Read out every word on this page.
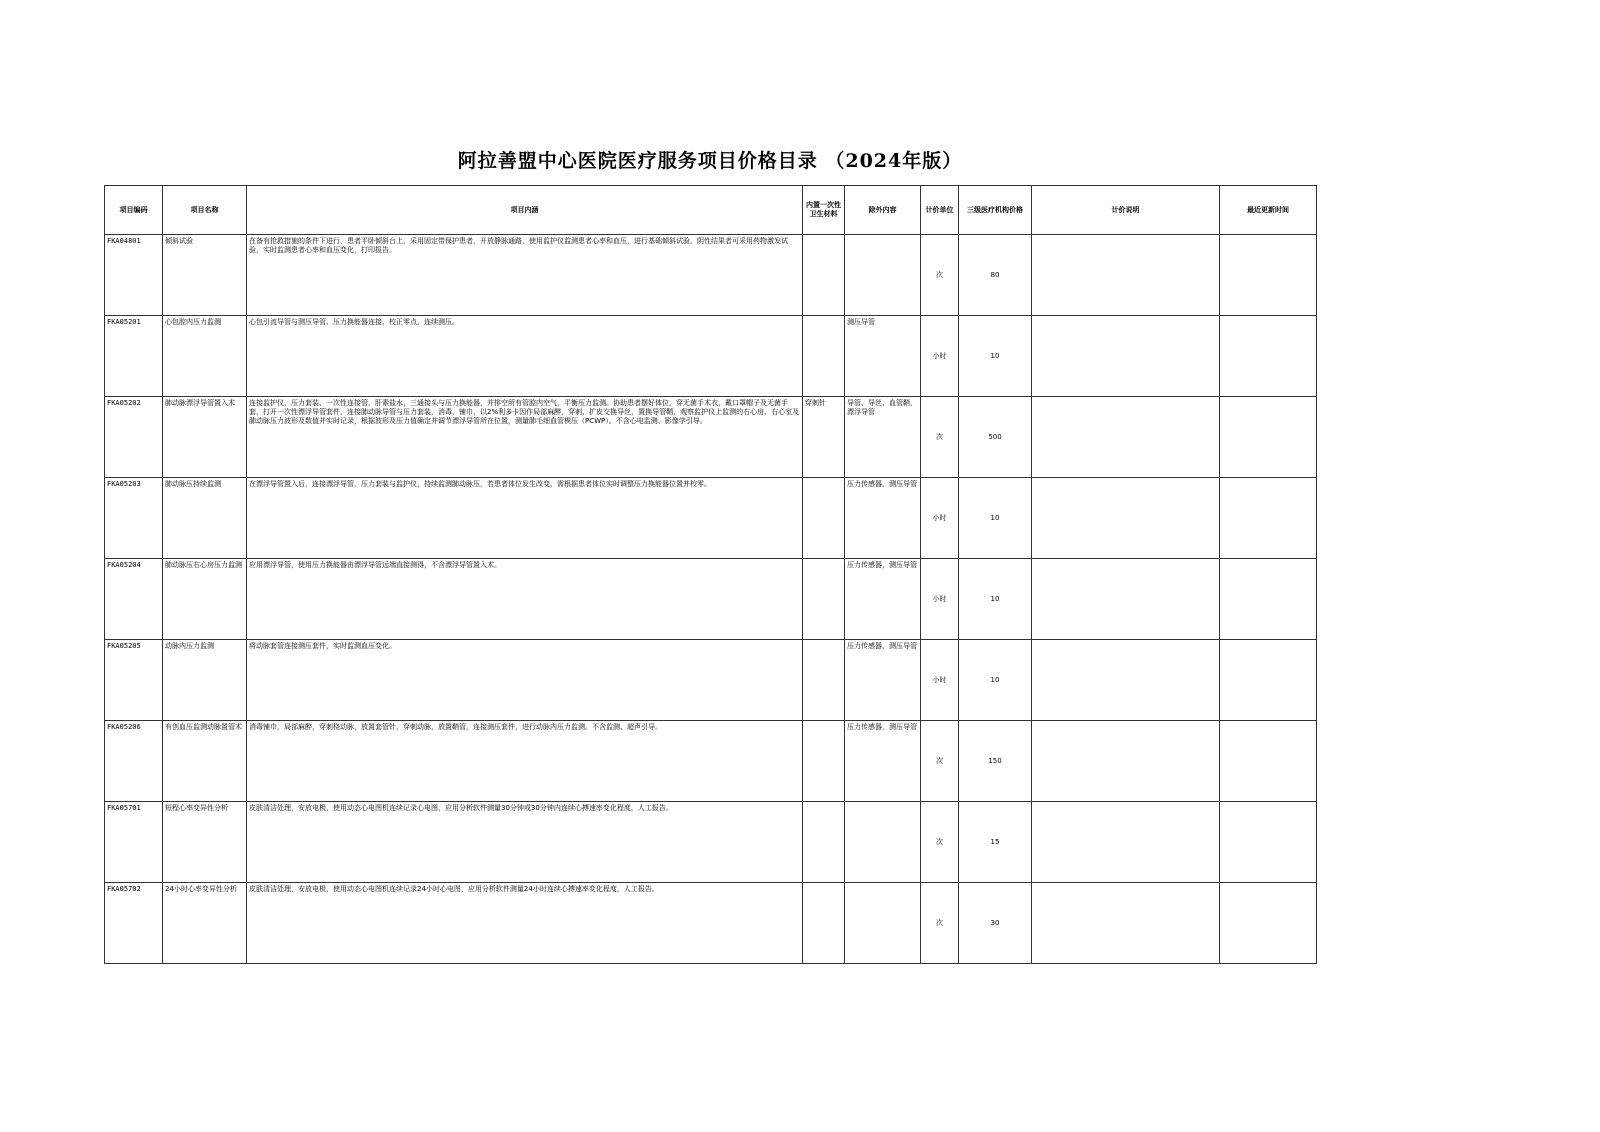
阿拉善盟中心医院医疗服务项目价格目录 （2024年版）
项目编码	项目名称	项目内涵	内置一次性卫生材料	除外内容	计价单位	三级医疗机构价格	计价说明	最近更新时间
FKA04801	倾斜试验	在备有抢救措施的条件下进行，患者平卧倾斜台上，采用固定带保护患者，开放静脉通路，使用监护仪监测患者心率和血压，进行基础倾斜试验，阴性结果者可采用药物激发试验，实时监测患者心率和血压变化，打印报告。			次	80		
FKA05201	心包腔内压力监测	心包引流导管与测压导管、压力换能器连接，校正零点，连续测压。		测压导管	小时	10		
FKA05202	肺动脉漂浮导管置入术	连接监护仪、压力套装、一次性连接管，肝素盐水，三通接头与压力换能器，并排空所有管腔内空气，平衡压力监测。协助患者摆好体位，穿无菌手术衣，戴口罩帽子及无菌手套，打开一次性漂浮导管套件，连接肺动脉导管与压力套装，消毒，铺巾，以2%利多卡因作局部麻醉，穿刺、扩皮交换导丝，置换导管鞘，观察监护仪上监测的右心房、右心室及肺动脉压力波形及数值并实时记录，根据波形及压力值确定并调节漂浮导管所在位置，测量肺毛细血管楔压（PCWP）。不含心电监测、影像学引导。	穿刺针	导管、导丝、血管鞘，漂浮导管	次	500		
FKA05203	肺动脉压持续监测	在漂浮导管置入后，连接漂浮导管，压力套装与监护仪，持续监测肺动脉压，若患者体位发生改变，需根据患者体位实时调整压力换能器位置并校零。		压力传感器，测压导管	小时	10		
FKA05204	肺动脉压右心房压力监测	应用漂浮导管，使用压力换能器由漂浮导管远端直接测得，不含漂浮导管置入术。		压力传感器，测压导管	小时	10		
FKA05205	动脉内压力监测	将动脉套管连接测压套件，实时监测血压变化。		压力传感器，测压导管	小时	10		
FKA05206	有创血压监测动脉置管术	消毒铺巾，局部麻醉，穿刺桡动脉，放置套管针，穿刺动脉，放置鞘管，连接测压套件，进行动脉内压力监测。不含监测、超声引导。		压力传感器，测压导管	次	150		
FKA05701	短程心率变异性分析	皮肤清洁处理，安放电极，使用动态心电图机连续记录心电图，应用分析软件测量30分钟或30分钟内连续心搏速率变化程度，人工报告。			次	15		
FKA05702	24小时心率变异性分析	皮肤清洁处理，安放电极，使用动态心电图机连续记录24小时心电图，应用分析软件测量24小时连续心搏速率变化程度，人工报告。			次	30		
